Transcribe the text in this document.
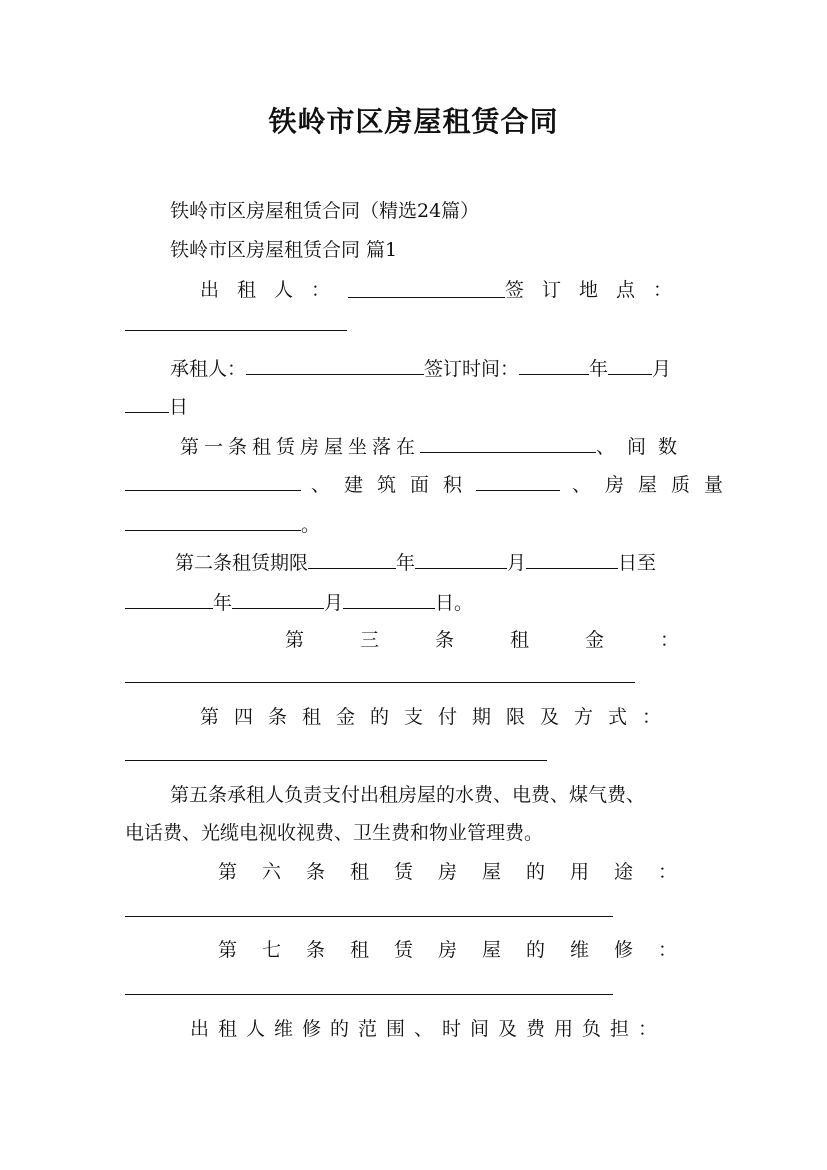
铁岭市区房屋租赁合同
铁岭市区房屋租赁合同（精选24篇）
铁岭市区房屋租赁合同 篇1
出租人：	签订地点：
承租人：	签订时间：	年 月
日
第一条租赁房屋坐落在	、间数
、建筑面积	、房屋质量
。
第二条租赁期限	年	月	日至
年	月	日。
第三条租金：
第四条租金的支付期限及方式：
第五条承租人负责支付出租房屋的水费、电费、煤气费、
电话费、光缆电视收视费、卫生费和物业管理费。
第六条租赁房屋的用途：
第七条租赁房屋的维修：
出租人维修的范围、时间及费用负担：
